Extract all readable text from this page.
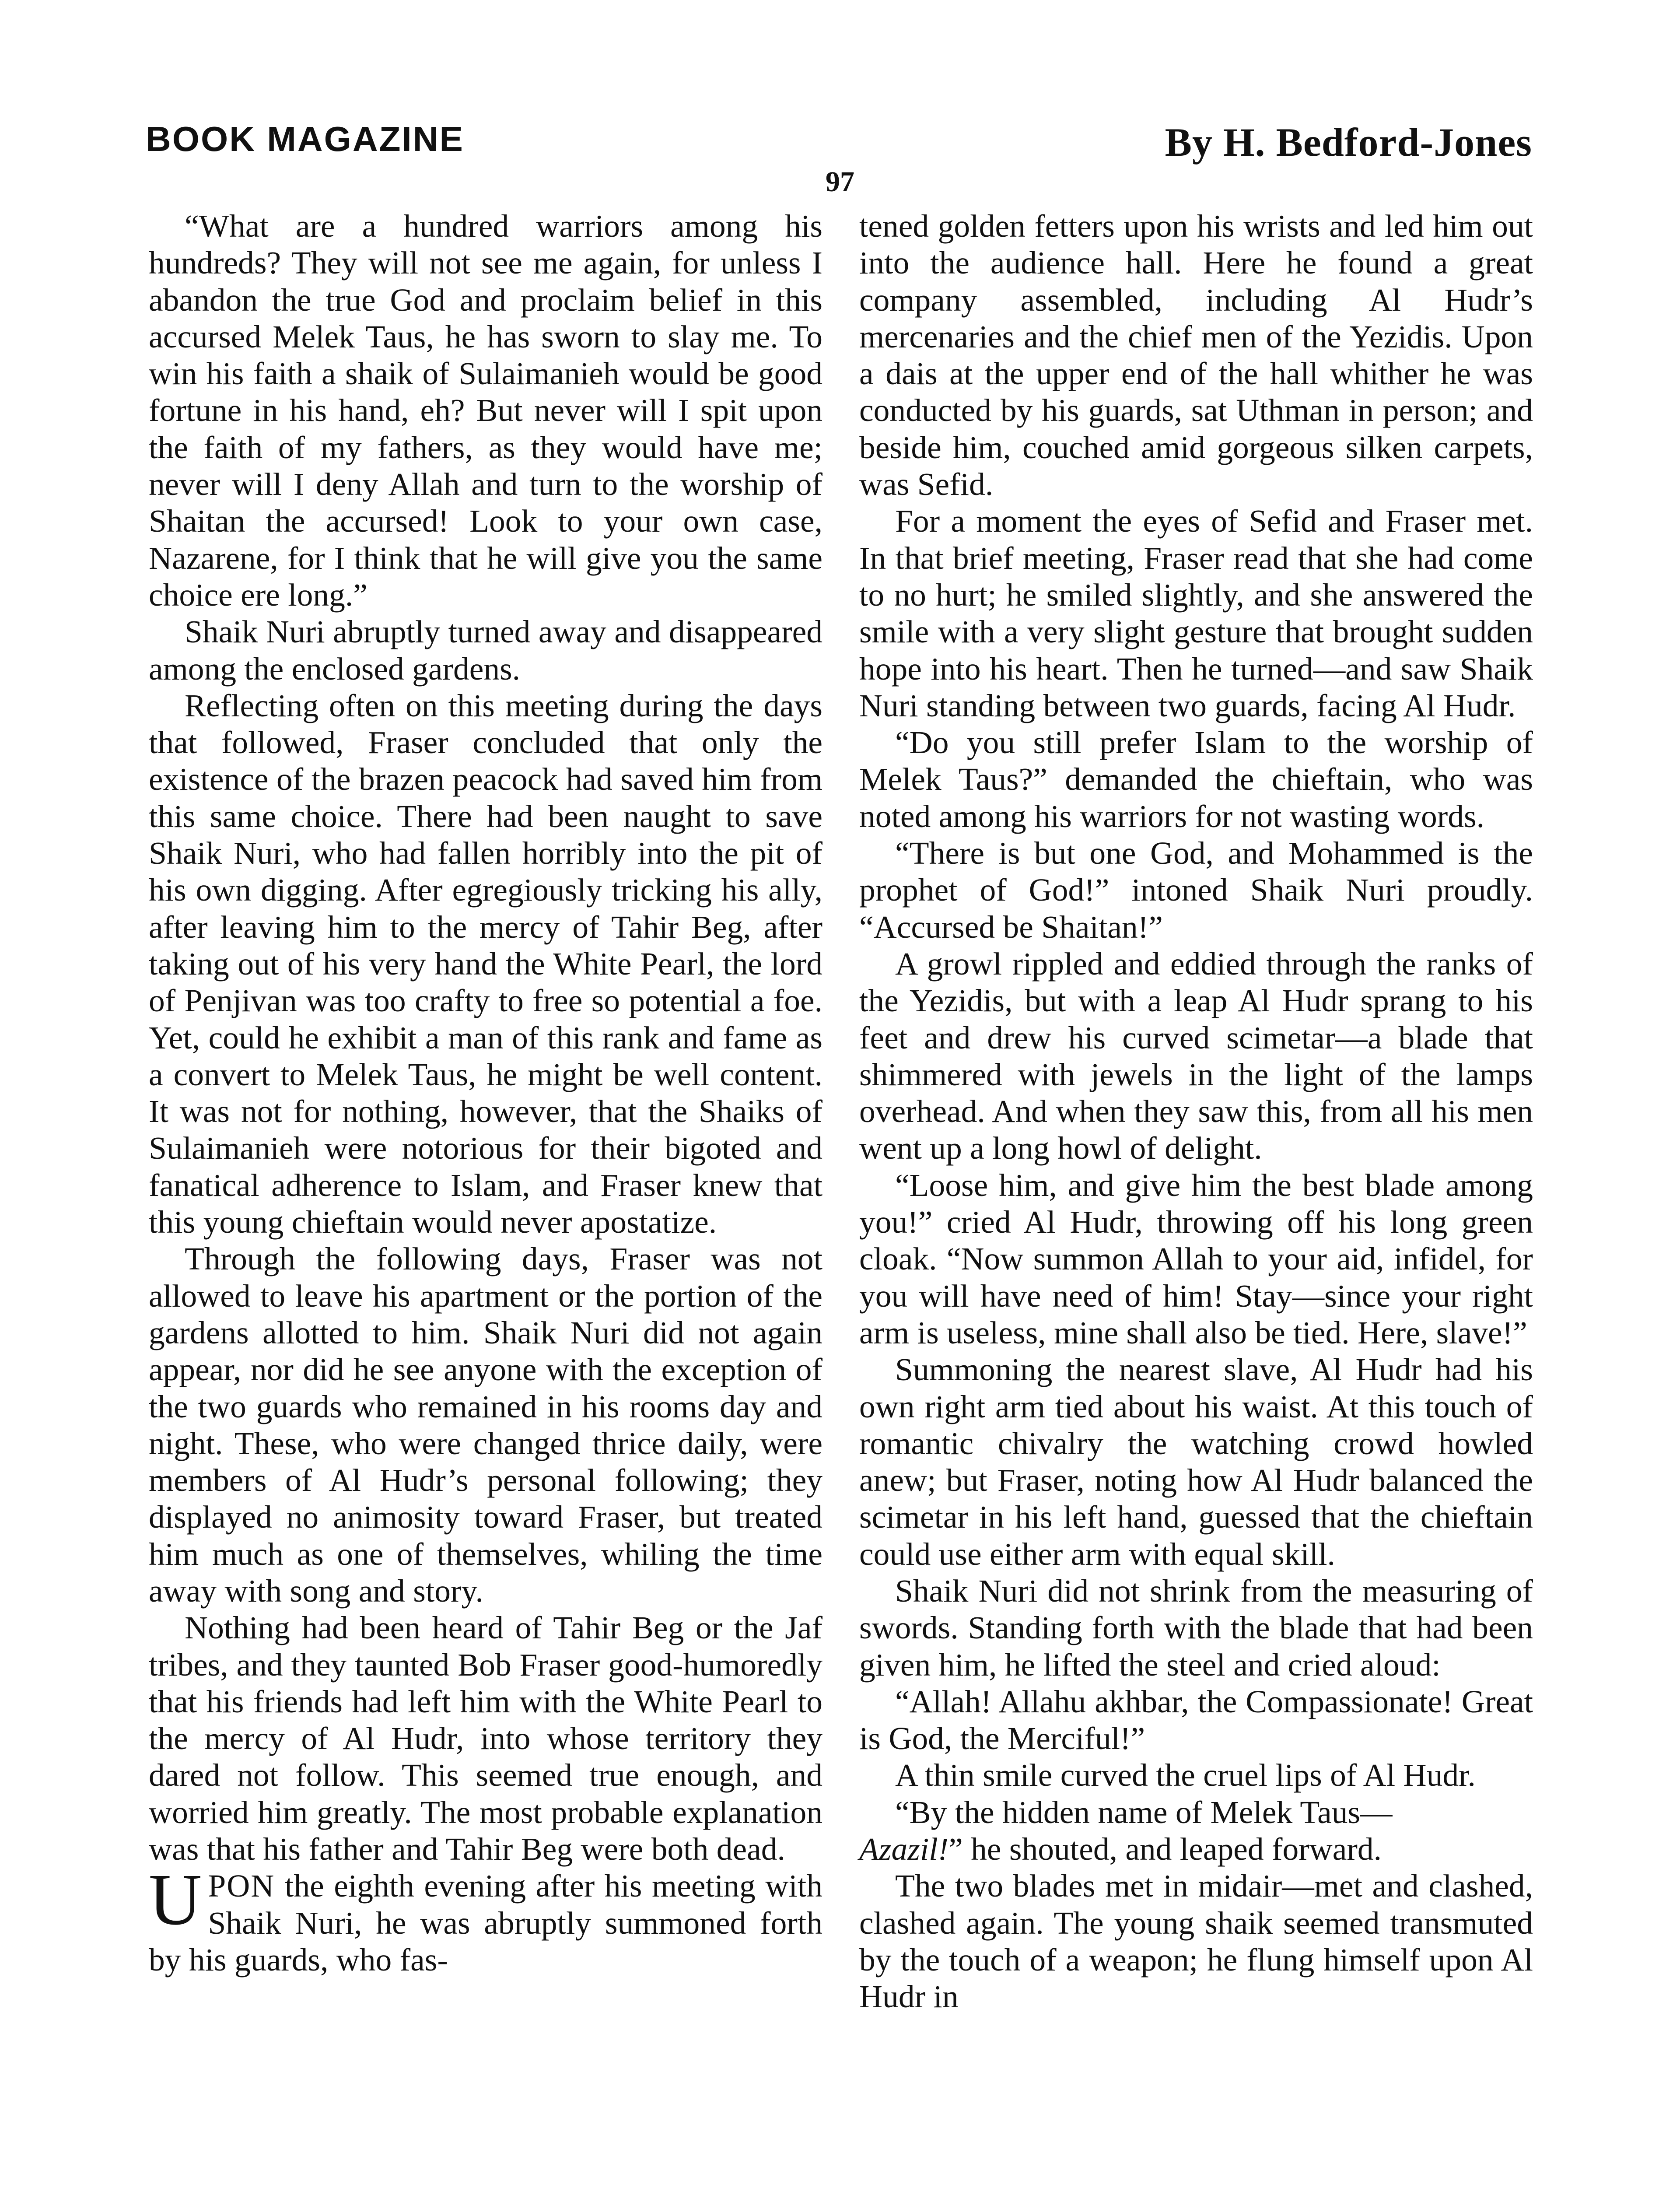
BOOK MAGAZINE
97
By H. Bedford-Jones

“What are a hundred warriors among his hundreds? They will not see me again, for unless I abandon the true God and proclaim belief in this accursed Melek Taus, he has sworn to slay me. To win his faith a shaik of Sulaimanieh would be good fortune in his hand, eh? But never will I spit upon the faith of my fathers, as they would have me; never will I deny Allah and turn to the worship of Shaitan the accursed! Look to your own case, Nazarene, for I think that he will give you the same choice ere long.”

Shaik Nuri abruptly turned away and disappeared among the enclosed gardens.

Reflecting often on this meeting during the days that followed, Fraser concluded that only the existence of the brazen peacock had saved him from this same choice. There had been naught to save Shaik Nuri, who had fallen horribly into the pit of his own digging. After egregiously tricking his ally, after leaving him to the mercy of Tahir Beg, after taking out of his very hand the White Pearl, the lord of Penjivan was too crafty to free so potential a foe. Yet, could he exhibit a man of this rank and fame as a convert to Melek Taus, he might be well content. It was not for nothing, however, that the Shaiks of Sulaimanieh were notorious for their bigoted and fanatical adherence to Islam, and Fraser knew that this young chieftain would never apostatize.

Through the following days, Fraser was not allowed to leave his apartment or the portion of the gardens allotted to him. Shaik Nuri did not again appear, nor did he see anyone with the exception of the two guards who remained in his rooms day and night. These, who were changed thrice daily, were members of Al Hudr’s personal following; they displayed no animosity toward Fraser, but treated him much as one of themselves, whiling the time away with song and story.

Nothing had been heard of Tahir Beg or the Jaf tribes, and they taunted Bob Fraser good-humoredly that his friends had left him with the White Pearl to the mercy of Al Hudr, into whose territory they dared not follow. This seemed true enough, and worried him greatly. The most probable explanation was that his father and Tahir Beg were both dead.

UPON the eighth evening after his meeting with Shaik Nuri, he was abruptly summoned forth by his guards, who fas-

tened golden fetters upon his wrists and led him out into the audience hall. Here he found a great company assembled, including Al Hudr’s mercenaries and the chief men of the Yezidis. Upon a dais at the upper end of the hall whither he was conducted by his guards, sat Uthman in person; and beside him, couched amid gorgeous silken carpets, was Sefid.

For a moment the eyes of Sefid and Fraser met. In that brief meeting, Fraser read that she had come to no hurt; he smiled slightly, and she answered the smile with a very slight gesture that brought sudden hope into his heart. Then he turned—and saw Shaik Nuri standing between two guards, facing Al Hudr.

“Do you still prefer Islam to the worship of Melek Taus?” demanded the chieftain, who was noted among his warriors for not wasting words.

“There is but one God, and Mohammed is the prophet of God!” intoned Shaik Nuri proudly. “Accursed be Shaitan!”

A growl rippled and eddied through the ranks of the Yezidis, but with a leap Al Hudr sprang to his feet and drew his curved scimetar—a blade that shimmered with jewels in the light of the lamps overhead. And when they saw this, from all his men went up a long howl of delight.

“Loose him, and give him the best blade among you!” cried Al Hudr, throwing off his long green cloak. “Now summon Allah to your aid, infidel, for you will have need of him! Stay—since your right arm is useless, mine shall also be tied. Here, slave!”

Summoning the nearest slave, Al Hudr had his own right arm tied about his waist. At this touch of romantic chivalry the watching crowd howled anew; but Fraser, noting how Al Hudr balanced the scimetar in his left hand, guessed that the chieftain could use either arm with equal skill.

Shaik Nuri did not shrink from the measuring of swords. Standing forth with the blade that had been given him, he lifted the steel and cried aloud:

“Allah! Allahu akhbar, the Compassionate! Great is God, the Merciful!”

A thin smile curved the cruel lips of Al Hudr.

“By the hidden name of Melek Taus—
Azazil!” he shouted, and leaped forward.

The two blades met in midair—met and clashed, clashed again. The young shaik seemed transmuted by the touch of a weapon; he flung himself upon Al Hudr in
